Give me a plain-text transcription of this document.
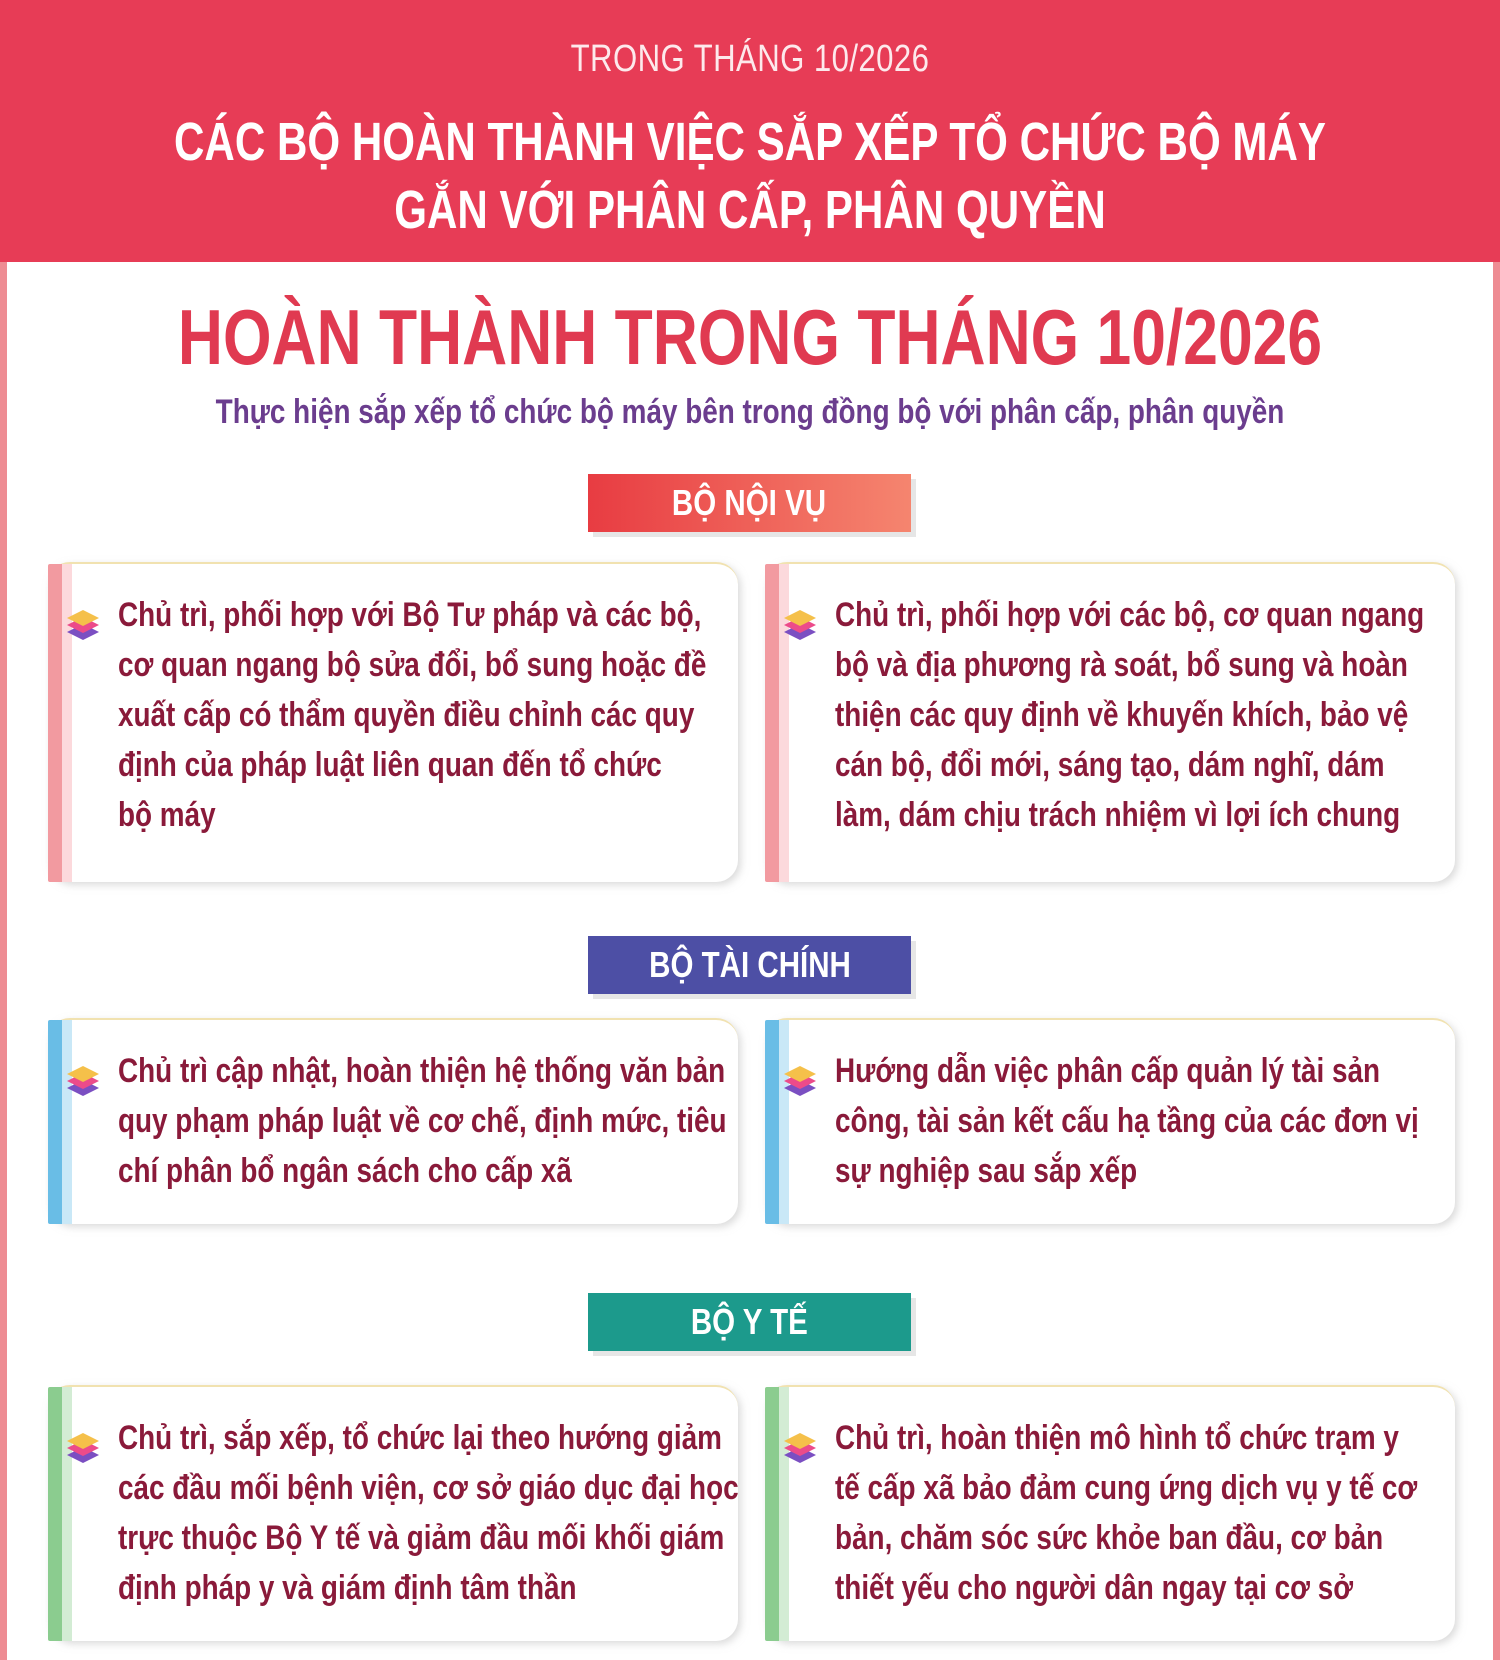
TRONG THÁNG 10/2026
CÁC BỘ HOÀN THÀNH VIỆC SẮP XẾP TỔ CHỨC BỘ MÁY
GẮN VỚI PHÂN CẤP, PHÂN QUYỀN
HOÀN THÀNH TRONG THÁNG 10/2026
Thực hiện sắp xếp tổ chức bộ máy bên trong đồng bộ với phân cấp, phân quyền
BỘ NỘI VỤ
Chủ trì, phối hợp với Bộ Tư pháp và các bộ,
cơ quan ngang bộ sửa đổi, bổ sung hoặc đề
xuất cấp có thẩm quyền điều chỉnh các quy
định của pháp luật liên quan đến tổ chức
bộ máy
Chủ trì, phối hợp với các bộ, cơ quan ngang
bộ và địa phương rà soát, bổ sung và hoàn
thiện các quy định về khuyến khích, bảo vệ
cán bộ, đổi mới, sáng tạo, dám nghĩ, dám
làm, dám chịu trách nhiệm vì lợi ích chung
BỘ TÀI CHÍNH
Chủ trì cập nhật, hoàn thiện hệ thống văn bản
quy phạm pháp luật về cơ chế, định mức, tiêu
chí phân bổ ngân sách cho cấp xã
Hướng dẫn việc phân cấp quản lý tài sản
công, tài sản kết cấu hạ tầng của các đơn vị
sự nghiệp sau sắp xếp
BỘ Y TẾ
Chủ trì, sắp xếp, tổ chức lại theo hướng giảm
các đầu mối bệnh viện, cơ sở giáo dục đại học
trực thuộc Bộ Y tế và giảm đầu mối khối giám
định pháp y và giám định tâm thần
Chủ trì, hoàn thiện mô hình tổ chức trạm y
tế cấp xã bảo đảm cung ứng dịch vụ y tế cơ
bản, chăm sóc sức khỏe ban đầu, cơ bản
thiết yếu cho người dân ngay tại cơ sở
